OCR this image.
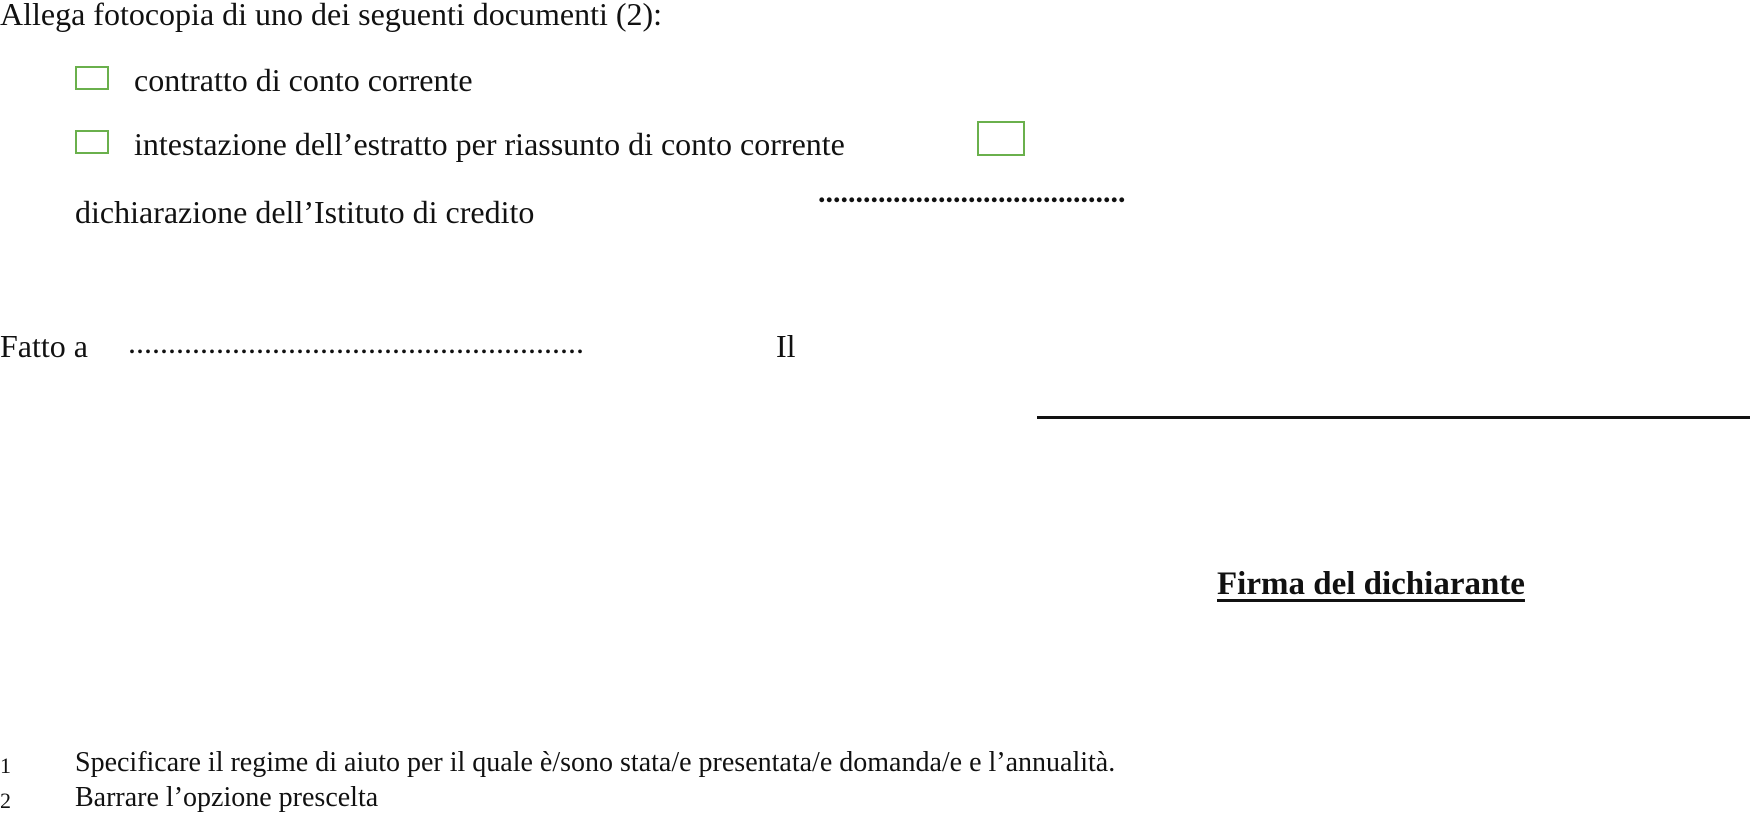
Allega fotocopia di uno dei seguenti documenti (2):
contratto di conto corrente
intestazione dell’estratto per riassunto di conto corrente
dichiarazione dell’Istituto di credito
.........................................
Fatto a .........................................................	Il
Firma del dichiarante
1 Specificare il regime di aiuto per il quale è/sono stata/e presentata/e domanda/e e l’annualità.
2 Barrare l’opzione prescelta
